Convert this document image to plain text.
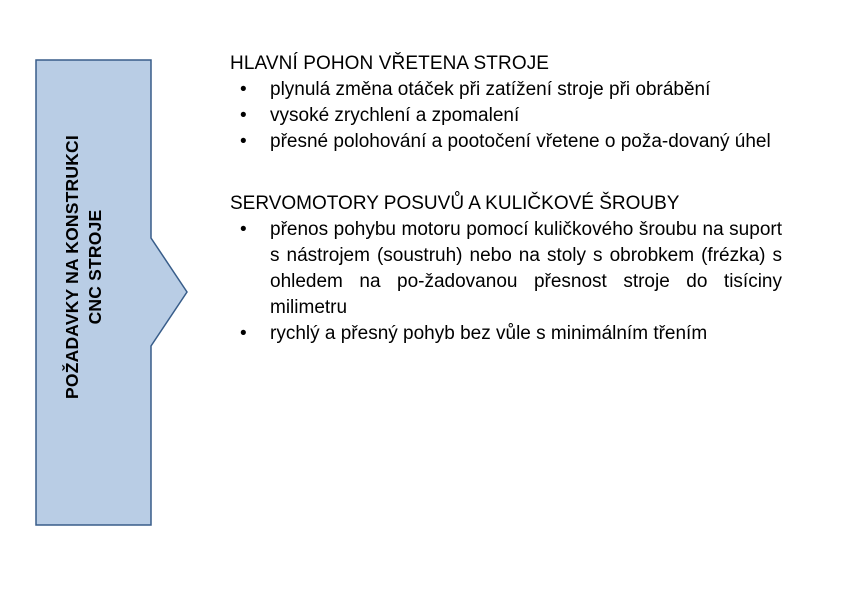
POŽADAVKY NA KONSTRUKCI CNC STROJE
HLAVNÍ POHON VŘETENA STROJE
• plynulá změna otáček při zatížení stroje při obrábění
• vysoké zrychlení a zpomalení
• přesné polohování a pootočení vřetene o poža-dovaný úhel
SERVOMOTORY POSUVŮ A KULIČKOVÉ ŠROUBY
• přenos pohybu motoru pomocí kuličkového šroubu na suport s nástrojem (soustruh) nebo na stoly s obrobkem (frézka) s ohledem na po-žadovanou přesnost stroje do tisíciny milimetru
• rychlý a přesný pohyb bez vůle s minimálním třením
